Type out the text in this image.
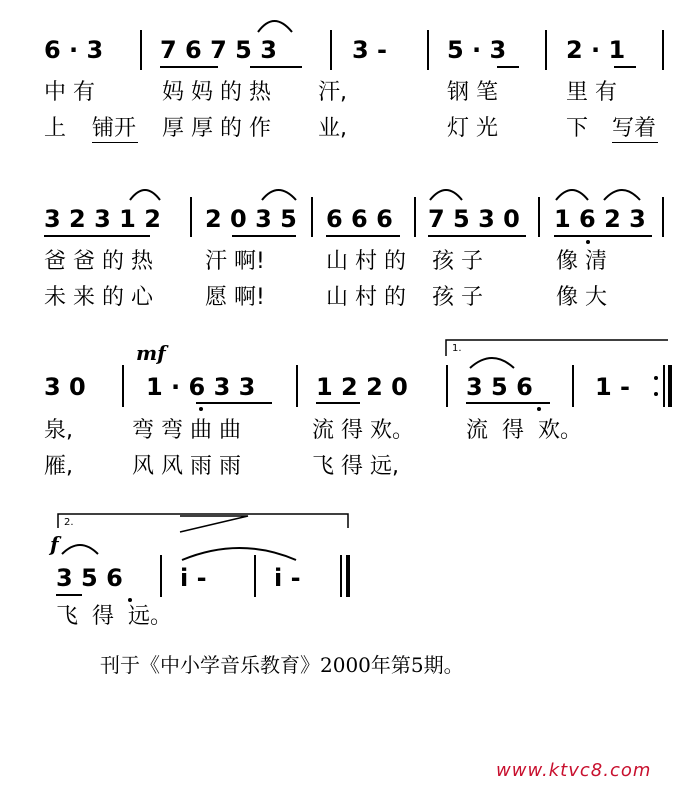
6 · 3 7 6 7 5 3	3 - 5 · 3 2 · 1
中 有	妈 妈 的 热 汗,	钢 笔	里 有
上 铺开 厚 厚 的 作 业,	灯 光	下 写着
3 2 3 1 2 2 0 3 5 6 6 6 7 5 3 0 1 6 2 3
爸 爸 的 热 汗 啊!	山 村 的 孩 子	像 清
未 来 的 心 愿 啊!	山 村 的 孩 子	像 大
mf	1.
3 0	1 · 6 3 3	1 2 2 0 3 5 6	1 -
泉,	弯 弯 曲 曲	流 得 欢。 流  得  欢。
雁,	风 风 雨 雨	飞 得 远,
2.
f
3 5 6 i -	i -
飞  得  远。
刊于《中小学音乐教育》2000年第5期。
www.ktvc8.com
